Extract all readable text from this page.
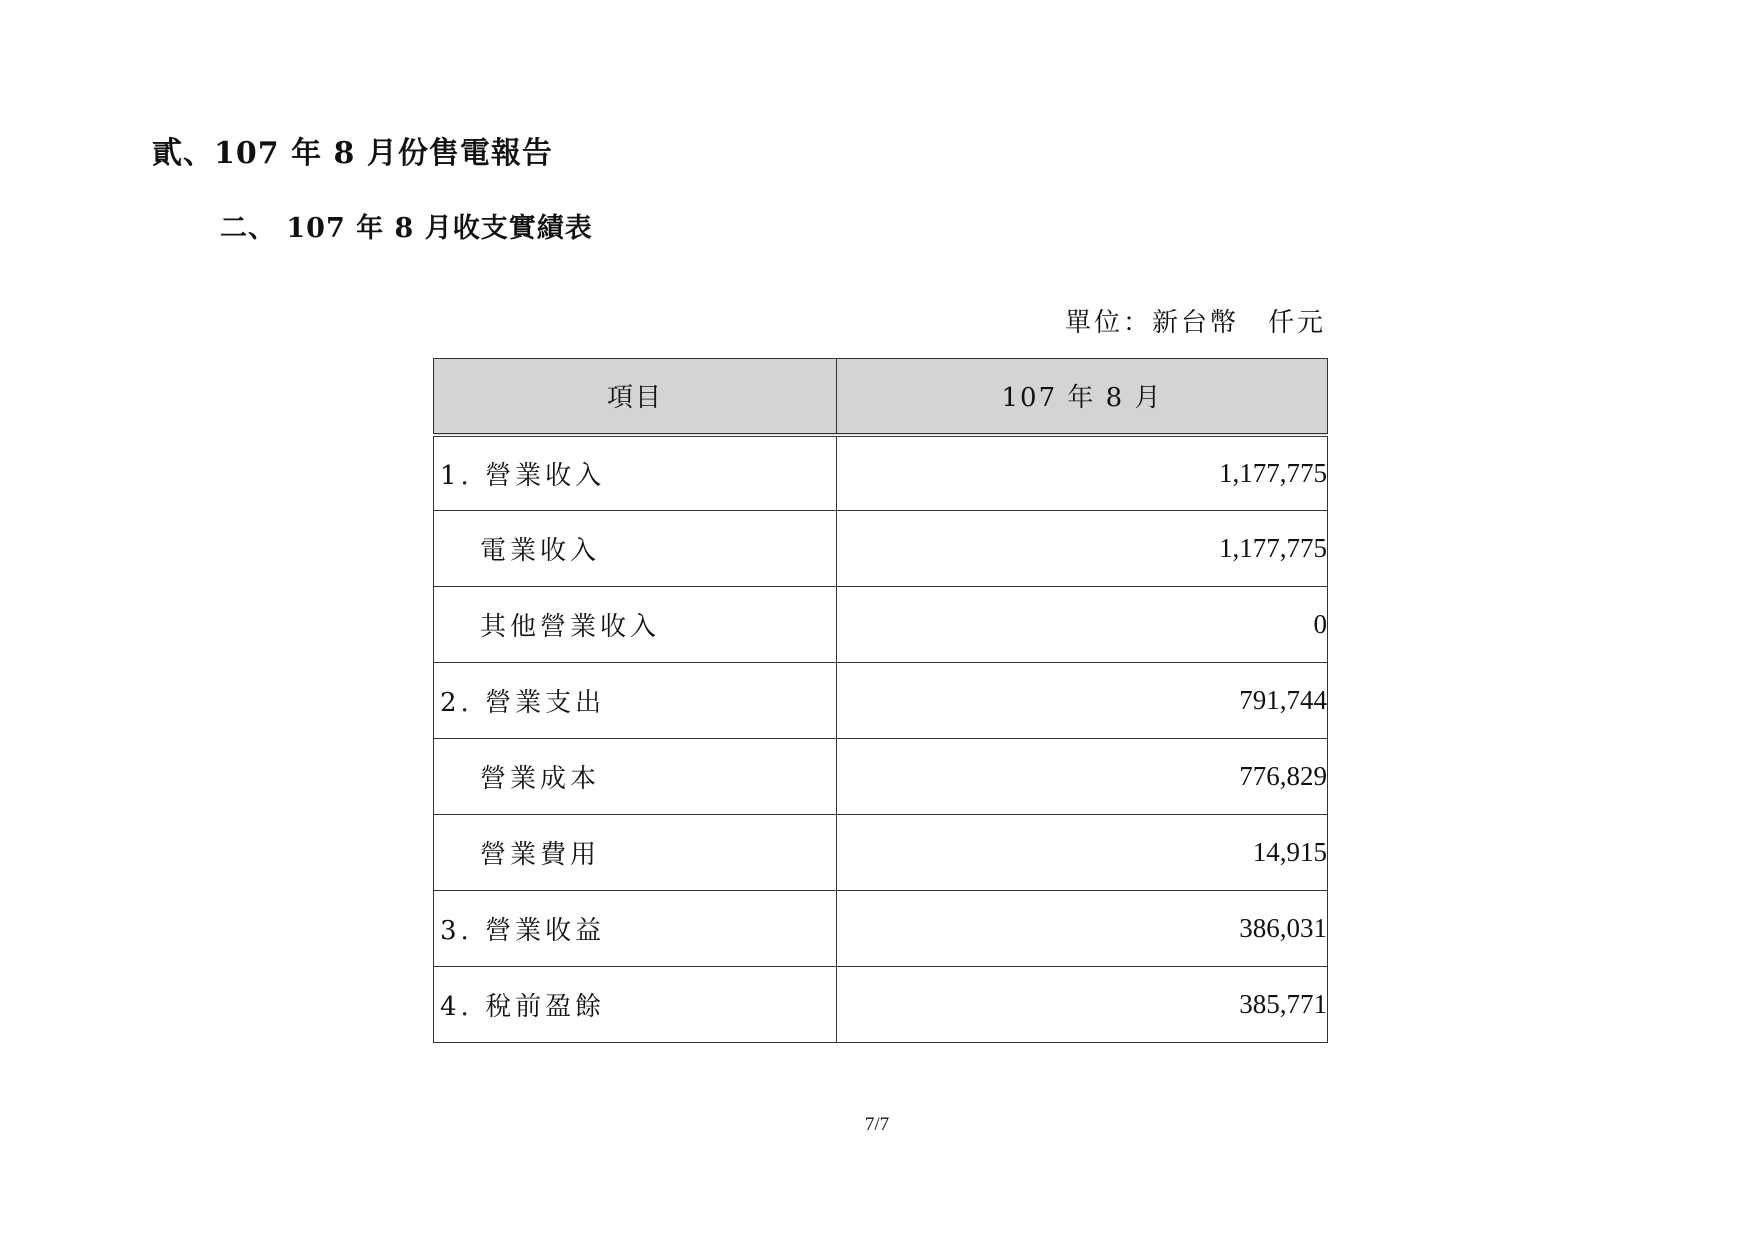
貳、107 年 8 月份售電報告
二、 107 年 8 月收支實績表
單位：新台幣　仟元
項目	107 年 8 月
1. 營業收入	1,177,775
電業收入	1,177,775
其他營業收入	0
2. 營業支出	791,744
營業成本	776,829
營業費用	14,915
3. 營業收益	386,031
4. 稅前盈餘	385,771
7/7
